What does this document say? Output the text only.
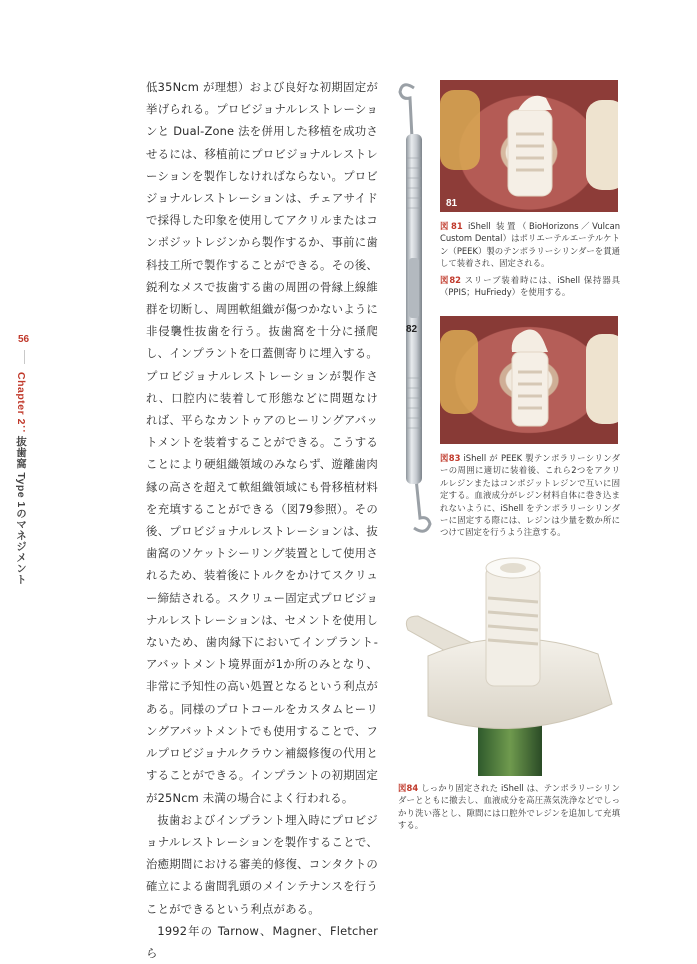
56
Chapter 2：抜歯窩 Type 1のマネジメント

低35Ncm が理想）および良好な初期固定が挙げられる。プロビジョナルレストレーションと Dual-Zone 法を併用した移植を成功させるには、移植前にプロビジョナルレストレーションを製作しなければならない。プロビジョナルレストレーションは、チェアサイドで採得した印象を使用してアクリルまたはコンポジットレジンから製作するか、事前に歯科技工所で製作することができる。その後、鋭利なメスで抜歯する歯の周囲の骨縁上線維群を切断し、周囲軟組織が傷つかないように非侵襲性抜歯を行う。抜歯窩を十分に掻爬し、インプラントを口蓋側寄りに埋入する。プロビジョナルレストレーションが製作され、口腔内に装着して形態などに問題なければ、平らなカントゥアのヒーリングアバットメントを装着することができる。こうすることにより硬組織領域のみならず、遊離歯肉縁の高さを超えて軟組織領域にも骨移植材料を充填することができる（図79参照）。その後、プロビジョナルレストレーションは、抜歯窩のソケットシーリング装置として使用されるため、装着後にトルクをかけてスクリュー締結される。スクリュー固定式プロビジョナルレストレーションは、セメントを使用しないため、歯肉縁下においてインプラント‐アバットメント境界面が1か所のみとなり、非常に予知性の高い処置となるという利点がある。同様のプロトコールをカスタムヒーリングアバットメントでも使用することで、フルプロビジョナルクラウン補綴修復の代用とすることができる。インプラントの初期固定が25Ncm 未満の場合によく行われる。

抜歯およびインプラント埋入時にプロビジョナルレストレーションを製作することで、治癒期間における審美的修復、コンタクトの確立による歯間乳頭のメインテナンスを行うことができるという利点がある。

1992年の Tarnow、Magner、Fletcher ら

82
81
図81 iShell 装置（BioHorizons／Vulcan Custom Dental）はポリエーテルエーテルケトン（PEEK）製のテンポラリーシリンダーを貫通して装着され、固定される。
図82 スリーブ装着時には、iShell 保持器具（PPIS；HuFriedy）を使用する。
図83 iShell が PEEK 製テンポラリーシリンダーの周囲に適切に装着後、これら2つをアクリルレジンまたはコンポジットレジンで互いに固定する。血液成分がレジン材料自体に巻き込まれないように、iShell をテンポラリーシリンダーに固定する際には、レジンは少量を数か所につけて固定を行うよう注意する。
図84 しっかり固定された iShell は、テンポラリーシリンダーとともに撤去し、血液成分を高圧蒸気洗浄などでしっかり洗い落とし、隙間には口腔外でレジンを追加して充填する。
